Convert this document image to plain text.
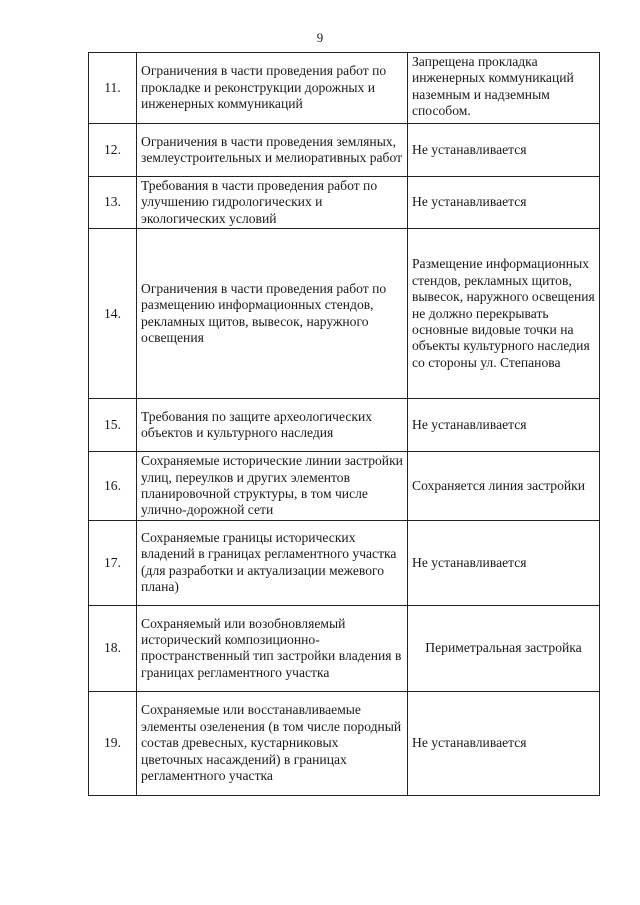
9
11.	Ограничения в части проведения работ по прокладке и реконструкции дорожных и инженерных коммуникаций	Запрещена прокладка инженерных коммуникаций наземным и надземным способом.
12.	Ограничения в части проведения земляных, землеустроительных и мелиоративных работ	Не устанавливается
13.	Требования в части проведения работ по улучшению гидрологических и экологических условий	Не устанавливается
14.	Ограничения в части проведения работ по размещению информационных стендов, рекламных щитов, вывесок, наружного освещения	Размещение информационных стендов, рекламных щитов, вывесок, наружного освещения не должно перекрывать основные видовые точки на объекты культурного наследия со стороны ул. Степанова
15.	Требования по защите археологических объектов и культурного наследия	Не устанавливается
16.	Сохраняемые исторические линии застройки улиц, переулков и других элементов планировочной структуры, в том числе улично-дорожной сети	Сохраняется линия застройки
17.	Сохраняемые границы исторических владений в границах регламентного участка (для разработки и актуализации межевого плана)	Не устанавливается
18.	Сохраняемый или возобновляемый исторический композиционно-пространственный тип застройки владения в границах регламентного участка	Периметральная застройка
19.	Сохраняемые или восстанавливаемые элементы озеленения (в том числе породный состав древесных, кустарниковых цветочных насаждений) в границах регламентного участка	Не устанавливается
